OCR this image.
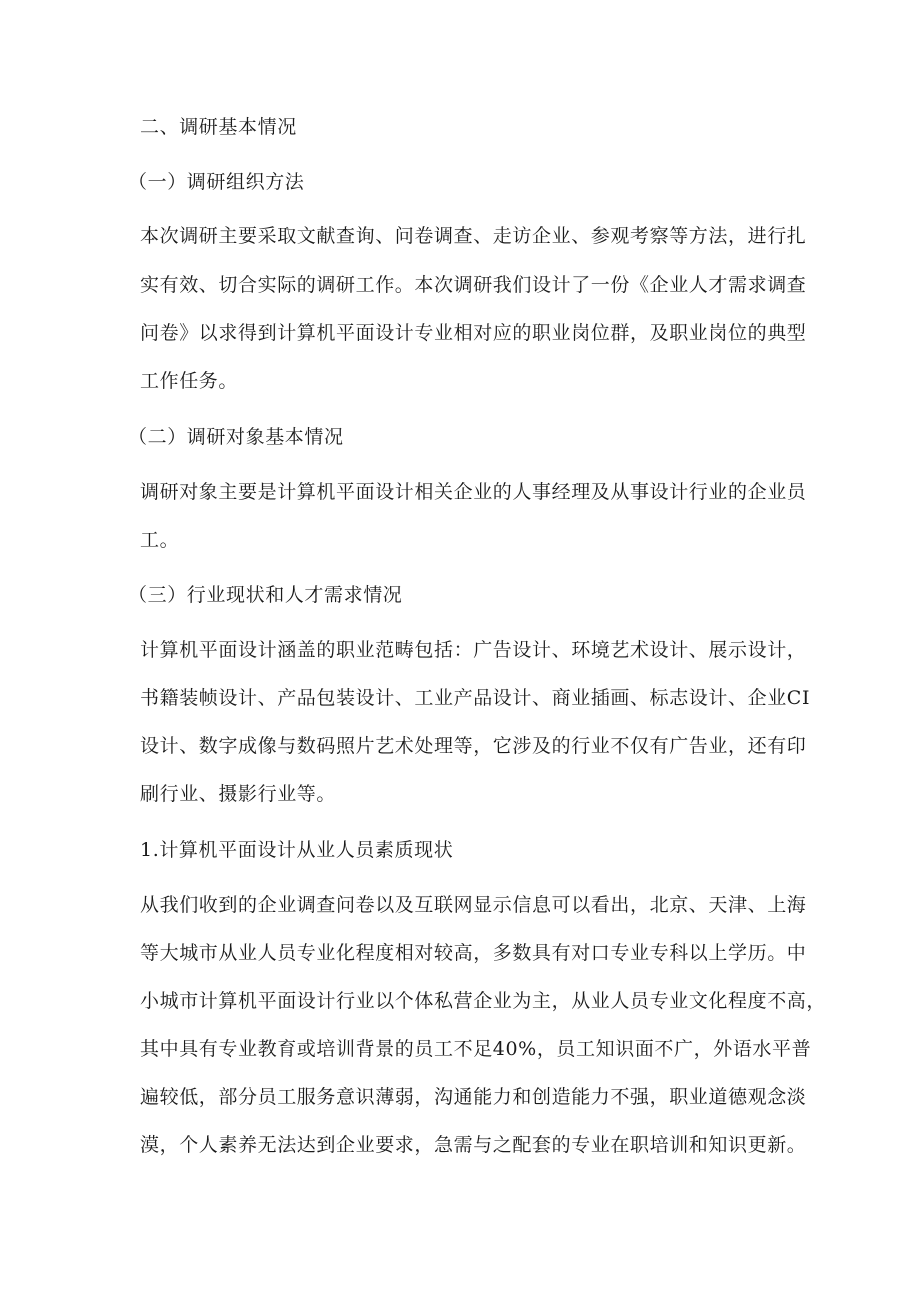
二、调研基本情况

（一）调研组织方法

本次调研主要采取文献查询、问卷调查、走访企业、参观考察等方法，进行扎

实有效、切合实际的调研工作。本次调研我们设计了一份《企业人才需求调查

问卷》以求得到计算机平面设计专业相对应的职业岗位群，及职业岗位的典型

工作任务。

（二）调研对象基本情况

调研对象主要是计算机平面设计相关企业的人事经理及从事设计行业的企业员

工。

（三）行业现状和人才需求情况

计算机平面设计涵盖的职业范畴包括：广告设计、环境艺术设计、展示设计，

书籍装帧设计、产品包装设计、工业产品设计、商业插画、标志设计、企业CI

设计、数字成像与数码照片艺术处理等，它涉及的行业不仅有广告业，还有印

刷行业、摄影行业等。

1.计算机平面设计从业人员素质现状

从我们收到的企业调查问卷以及互联网显示信息可以看出，北京、天津、上海

等大城市从业人员专业化程度相对较高，多数具有对口专业专科以上学历。中

小城市计算机平面设计行业以个体私营企业为主，从业人员专业文化程度不高，

其中具有专业教育或培训背景的员工不足40%，员工知识面不广，外语水平普

遍较低，部分员工服务意识薄弱，沟通能力和创造能力不强，职业道德观念淡

漠，个人素养无法达到企业要求，急需与之配套的专业在职培训和知识更新。
